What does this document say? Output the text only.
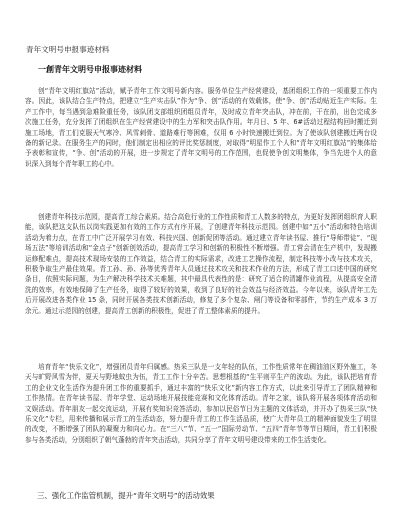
青年文明号申报事迹材料
一創青年文明号申报事迹材料
创“青年文明红旗站”活动，赋予青年工作文明号新内容。服务单位生产经营建设，基团组织工作的一项重要工作内容。因此，该队结合生产特点，把建立“生产实击队”作为“争、创”活动的有效载体，使“争、创”活动贴近生产实际。生产工作中，每当遇到急难险重任务，该队团支部组织团组员青年，及时成立青年突击队，冲在前，干在前，出色完成多次施工任务，充分发挥了团组织在生产经营建设中的生力军和突击队作用。年月日、5 年、6#活动过程结构回时搬迁到施工场地，青工们克服天气寒冷、风雪刺骨、道路难行等困难，仅用 6 小时快速搬迁到位。为了使该队创建搬迁两台设备的新记录。在服务生产的同时，他们制定出相应的评比奖惩制度，对取得“明星作工个人和“青年文明红旗站”的集体给予表彰和宣传，“争、创”活动的开展，进一步规定了青年文明号的工作范围，也促使争创文明集体，争当先进个人的意识深入到每个青年职工的心中。
创建青年科技示范园，提高青工综合素质。结合高危行业的工作性质和青工人数多的特点，为更好发挥团组织育人职能，该队把这支队伍以岗实践更加有效的工作方式有序开展，了创建青年科技示范园。创建中如“五小”活动和特色培训活动为着力点，在青工中广泛开展学习有效、科技兴国、创新促团等活动。通过建立青年读书屋、推行“导师带徒”、“现场五法”等培训活动和“金点子”创新创效活动，提高青工学习和创新的积极性不断增强。青工营会清在生产机中，发现搬运修配难点，提高技术现场安装的工作效益，结合青工的实际需求，改进工艺操作流程，制定科技等小改与技术攻关，积极争取生产最佳效果。青工孙、孙、孙等优秀青年人员通过技术攻关和技术作业的方法，形成了青工口述中国的研究条目，依照实际问题，为生产解决科学技术关难题，其中最具代表性的是：研究了适合的清罐作业流程，从提高安全清洗的效率，有效地保障了生产任务，取得了较好的效果，收到了良好的社会效益与经济效益。今年以来，该队青年工先后开展改进各类作业 15 条，同时开展各类技术创新活动，修复了多个复杂、闸门等设备和零部件，节约生产成本 3 万余元。通过示范园的创建，提高青工创新的积极性，促进了青工整体素质的提升。
培育青年“快乐文化”，增强团员青年归属感。热采三队是一支年轻的队伍，工作性质常年在稠油油区野外施工，冬天与旷野风雪为伴，夏天与野地蚊虫为伍，青工工作十分辛苦。思想根基的“生平则平生产的波动。为此，该队把培育青工的企业文化生活作为提升团工作的重要抓手，通过丰富的“快乐文化”新内容工作方式，以此来引导青工了团队精神和工作热情。在青年读书屋、青年学堂、运动场地开展技能竞赛和文化体育活动。青年之家，该队将开展各项体育活动和文娱活动。青年朋友一起交流运动，开展有奖知识竞答活动，参加以民俗节日为主题的文体活动，并开办了热采三队“快乐文化”专栏，用来传播和展示青工的生活动态，努力提升青工的工作生活品质，使广大青年员工的精神面貌发生了明显的改变，不断增强了团队的凝聚力和向心力。在“三八”节、“五一”国际劳动节、“五四”青年节等节日期间，青工们积极参与各类活动，分别组织了朝气蓬勃的青年突击活动，共同分享了青年文明号建设带来的工作生活变化。
三、强化工作监管机制，提升“青年文明号”的活动效果
